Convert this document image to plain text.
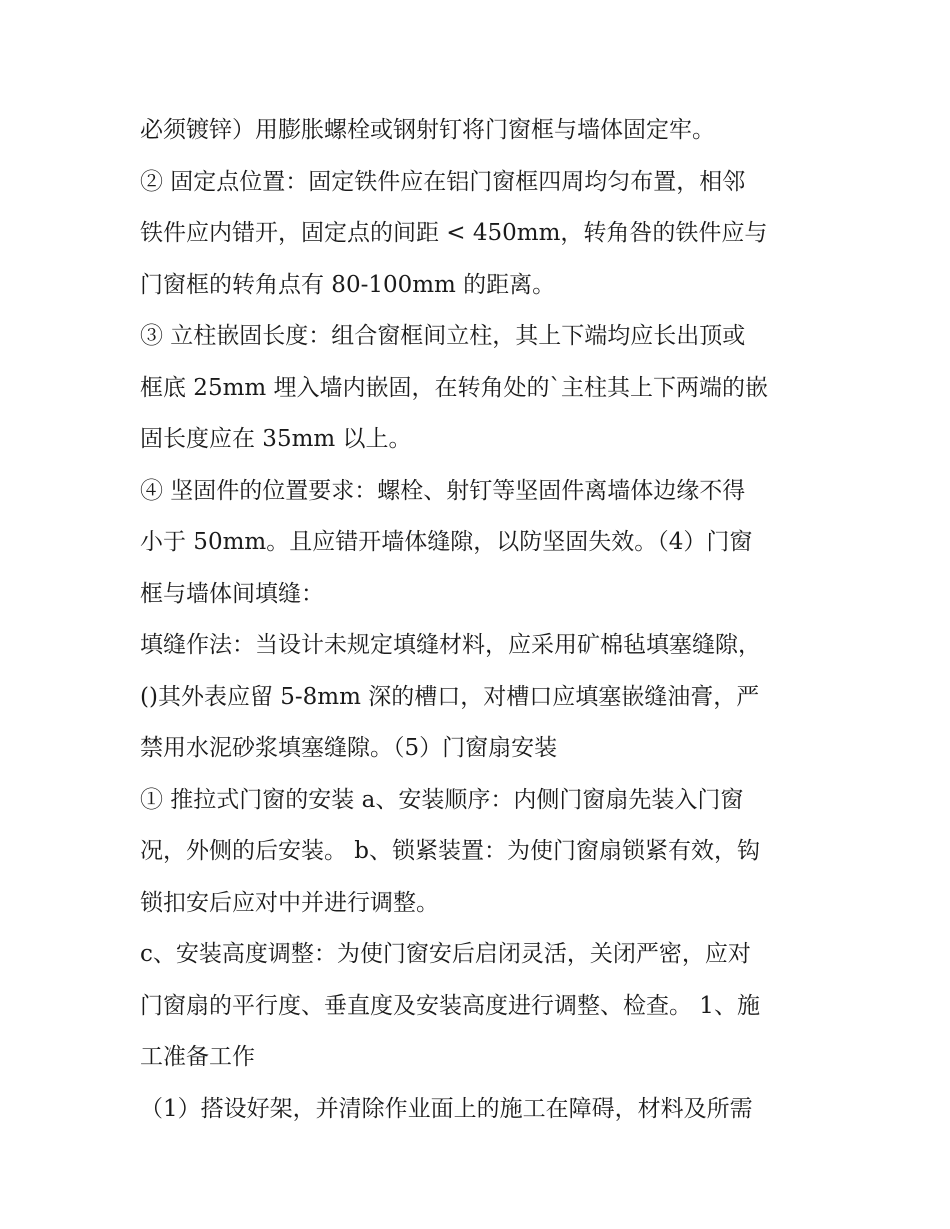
必须镀锌）用膨胀螺栓或钢射钉将门窗框与墙体固定牢。
② 固定点位置：固定铁件应在铝门窗框四周均匀布置，相邻
铁件应内错开，固定点的间距 < 450mm，转角咎的铁件应与
门窗框的转角点有 80-100mm 的距离。
③ 立柱嵌固长度：组合窗框间立柱，其上下端均应长出顶或
框底 25mm 埋入墙内嵌固，在转角处的`主柱其上下两端的嵌
固长度应在 35mm 以上。
④ 坚固件的位置要求：螺栓、射钉等坚固件离墙体边缘不得
小于 50mm。且应错开墙体缝隙，以防坚固失效。（4）门窗
框与墙体间填缝：
填缝作法：当设计未规定填缝材料，应采用矿棉毡填塞缝隙，
()其外表应留 5-8mm 深的槽口，对槽口应填塞嵌缝油膏，严
禁用水泥砂浆填塞缝隙。（5）门窗扇安装
① 推拉式门窗的安装 a、安装顺序：内侧门窗扇先装入门窗
况，外侧的后安装。 b、锁紧装置：为使门窗扇锁紧有效，钩
锁扣安后应对中并进行调整。
c、安装高度调整：为使门窗安后启闭灵活，关闭严密，应对
门窗扇的平行度、垂直度及安装高度进行调整、检查。 1、施
工准备工作
（1）搭设好架，并清除作业面上的施工在障碍，材料及所需
